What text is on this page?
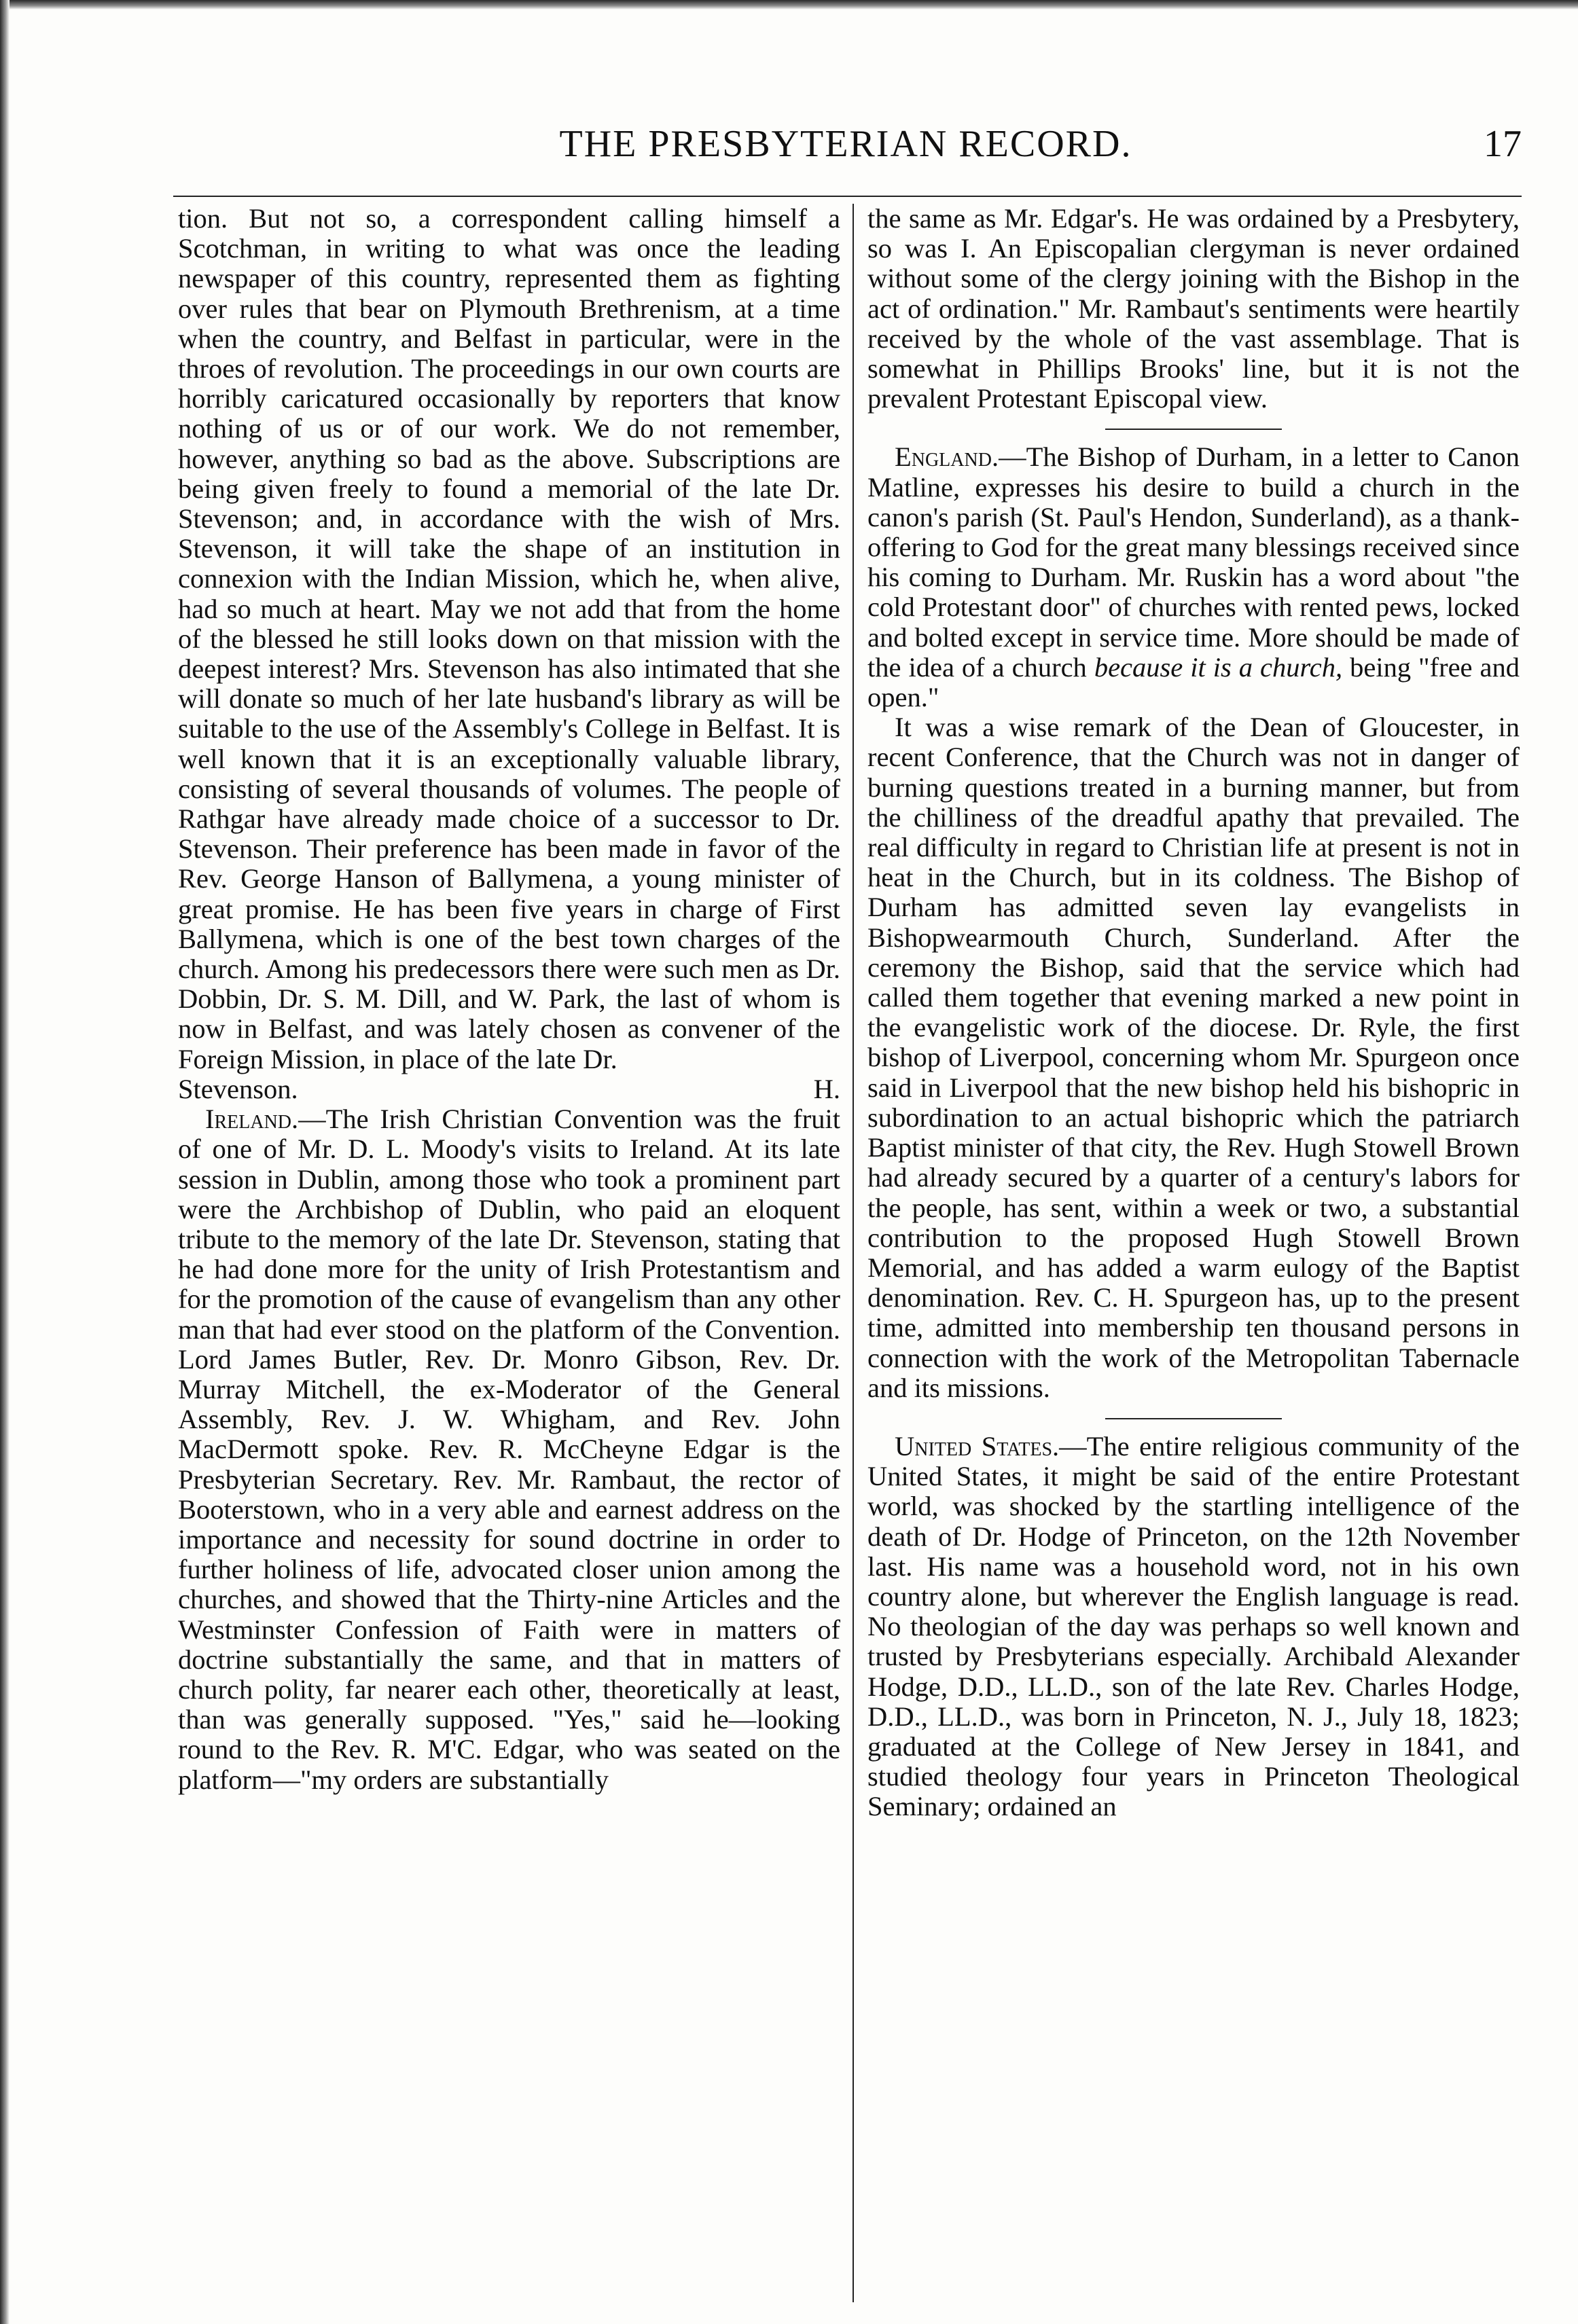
THE PRESBYTERIAN RECORD.	17

tion. But not so, a correspondent calling himself a Scotchman, in writing to what was once the leading newspaper of this country, represented them as fighting over rules that bear on Plymouth Brethrenism, at a time when the country, and Belfast in particular, were in the throes of revolution. The proceedings in our own courts are horribly caricatured occasionally by reporters that know nothing of us or of our work. We do not remember, however, anything so bad as the above. Subscriptions are being given freely to found a memorial of the late Dr. Stevenson; and, in accordance with the wish of Mrs. Stevenson, it will take the shape of an institution in connexion with the Indian Mission, which he, when alive, had so much at heart. May we not add that from the home of the blessed he still looks down on that mission with the deepest interest? Mrs. Stevenson has also intimated that she will donate so much of her late husband's library as will be suitable to the use of the Assembly's College in Belfast. It is well known that it is an exceptionally valuable library, consisting of several thousands of volumes. The people of Rathgar have already made choice of a successor to Dr. Stevenson. Their preference has been made in favor of the Rev. George Hanson of Ballymena, a young minister of great promise. He has been five years in charge of First Ballymena, which is one of the best town charges of the church. Among his predecessors there were such men as Dr. Dobbin, Dr. S. M. Dill, and W. Park, the last of whom is now in Belfast, and was lately chosen as convener of the Foreign Mission, in place of the late Dr.

Stevenson. H.

Ireland.—The Irish Christian Convention was the fruit of one of Mr. D. L. Moody's visits to Ireland. At its late session in Dublin, among those who took a prominent part were the Archbishop of Dublin, who paid an eloquent tribute to the memory of the late Dr. Stevenson, stating that he had done more for the unity of Irish Protestantism and for the promotion of the cause of evangelism than any other man that had ever stood on the platform of the Convention. Lord James Butler, Rev. Dr. Monro Gibson, Rev. Dr. Murray Mitchell, the ex-Moderator of the General Assembly, Rev. J. W. Whigham, and Rev. John MacDermott spoke. Rev. R. McCheyne Edgar is the Presbyterian Secretary. Rev. Mr. Rambaut, the rector of Booterstown, who in a very able and earnest address on the importance and necessity for sound doctrine in order to further holiness of life, advocated closer union among the churches, and showed that the Thirty-nine Articles and the Westminster Confession of Faith were in matters of doctrine substantially the same, and that in matters of church polity, far nearer each other, theoretically at least, than was generally supposed. "Yes," said he—looking round to the Rev. R. M'C. Edgar, who was seated on the platform—"my orders are substantially

the same as Mr. Edgar's. He was ordained by a Presbytery, so was I. An Episcopalian clergyman is never ordained without some of the clergy joining with the Bishop in the act of ordination." Mr. Rambaut's sentiments were heartily received by the whole of the vast assemblage. That is somewhat in Phillips Brooks' line, but it is not the prevalent Protestant Episcopal view.

England.—The Bishop of Durham, in a letter to Canon Matline, expresses his desire to build a church in the canon's parish (St. Paul's Hendon, Sunderland), as a thank-offering to God for the great many blessings received since his coming to Durham. Mr. Ruskin has a word about "the cold Protestant door" of churches with rented pews, locked and bolted except in service time. More should be made of the idea of a church because it is a church, being "free and open."

It was a wise remark of the Dean of Gloucester, in recent Conference, that the Church was not in danger of burning questions treated in a burning manner, but from the chilliness of the dreadful apathy that prevailed. The real difficulty in regard to Christian life at present is not in heat in the Church, but in its coldness. The Bishop of Durham has admitted seven lay evangelists in Bishopwearmouth Church, Sunderland. After the ceremony the Bishop, said that the service which had called them together that evening marked a new point in the evangelistic work of the diocese. Dr. Ryle, the first bishop of Liverpool, concerning whom Mr. Spurgeon once said in Liverpool that the new bishop held his bishopric in subordination to an actual bishopric which the patriarch Baptist minister of that city, the Rev. Hugh Stowell Brown had already secured by a quarter of a century's labors for the people, has sent, within a week or two, a substantial contribution to the proposed Hugh Stowell Brown Memorial, and has added a warm eulogy of the Baptist denomination. Rev. C. H. Spurgeon has, up to the present time, admitted into membership ten thousand persons in connection with the work of the Metropolitan Tabernacle and its missions.

United States.—The entire religious community of the United States, it might be said of the entire Protestant world, was shocked by the startling intelligence of the death of Dr. Hodge of Princeton, on the 12th November last. His name was a household word, not in his own country alone, but wherever the English language is read. No theologian of the day was perhaps so well known and trusted by Presbyterians especially. Archibald Alexander Hodge, D.D., LL.D., son of the late Rev. Charles Hodge, D.D., LL.D., was born in Princeton, N. J., July 18, 1823; graduated at the College of New Jersey in 1841, and studied theology four years in Princeton Theological Seminary; ordained an
